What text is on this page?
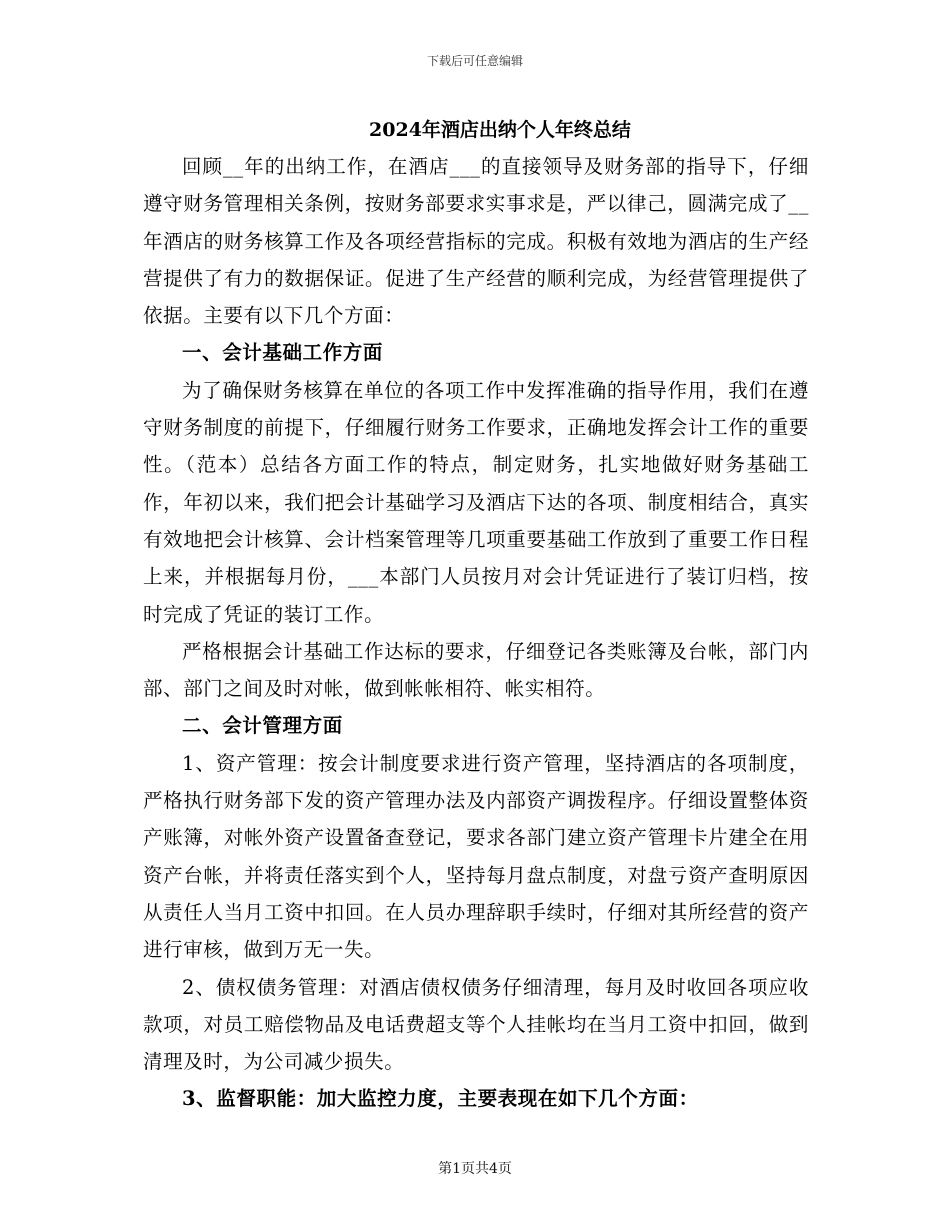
下载后可任意编辑
2024年酒店出纳个人年终总结

回顾__年的出纳工作，在酒店___的直接领导及财务部的指导下，仔细遵守财务管理相关条例，按财务部要求实事求是，严以律己，圆满完成了__年酒店的财务核算工作及各项经营指标的完成。积极有效地为酒店的生产经营提供了有力的数据保证。促进了生产经营的顺利完成，为经营管理提供了依据。主要有以下几个方面：

一、会计基础工作方面

为了确保财务核算在单位的各项工作中发挥准确的指导作用，我们在遵守财务制度的前提下，仔细履行财务工作要求，正确地发挥会计工作的重要性。（范本）总结各方面工作的特点，制定财务，扎实地做好财务基础工作，年初以来，我们把会计基础学习及酒店下达的各项、制度相结合，真实有效地把会计核算、会计档案管理等几项重要基础工作放到了重要工作日程上来，并根据每月份，___本部门人员按月对会计凭证进行了装订归档，按时完成了凭证的装订工作。

严格根据会计基础工作达标的要求，仔细登记各类账簿及台帐，部门内部、部门之间及时对帐，做到帐帐相符、帐实相符。

二、会计管理方面

1、资产管理：按会计制度要求进行资产管理，坚持酒店的各项制度，严格执行财务部下发的资产管理办法及内部资产调拨程序。仔细设置整体资产账簿，对帐外资产设置备查登记，要求各部门建立资产管理卡片建全在用资产台帐，并将责任落实到个人，坚持每月盘点制度，对盘亏资产查明原因从责任人当月工资中扣回。在人员办理辞职手续时，仔细对其所经营的资产进行审核，做到万无一失。

2、债权债务管理：对酒店债权债务仔细清理，每月及时收回各项应收款项，对员工赔偿物品及电话费超支等个人挂帐均在当月工资中扣回，做到清理及时，为公司减少损失。

3、监督职能：加大监控力度，主要表现在如下几个方面：

第1页共4页
